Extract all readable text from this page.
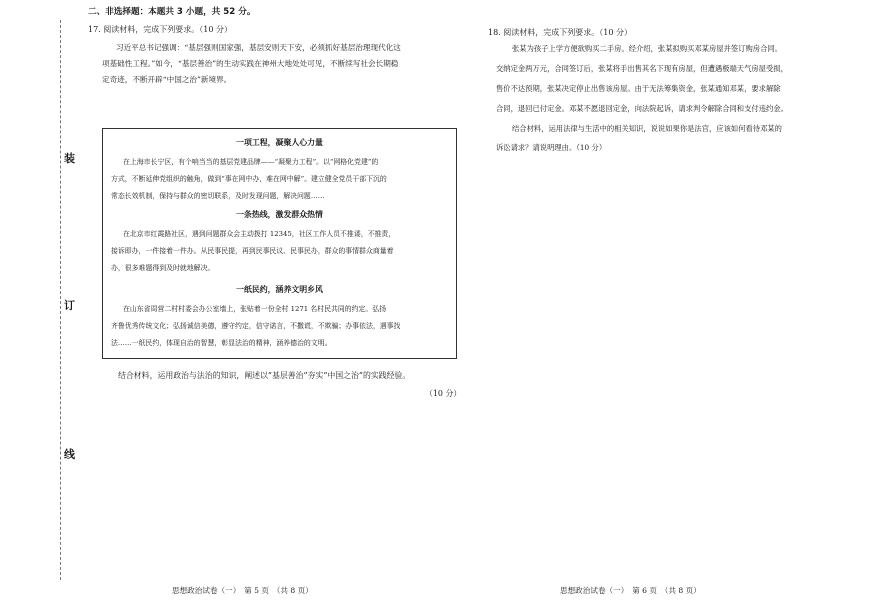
装
订
线
二、非选择题：本题共 3 小题，共 52 分。
17. 阅读材料，完成下列要求。（10 分）
习近平总书记强调：“基层强则国家强，基层安则天下安，必须抓好基层治理现代化这
项基础性工程。”如今，“基层善治”的生动实践在神州大地处处可见，不断续写社会长期稳
定奇迹，不断开辟“中国之治”新境界。
一项工程，凝聚人心力量
在上海市长宁区，有个响当当的基层党建品牌——“凝聚力工程”。以“网格化党建”的
方式，不断延伸党组织的触角，做到“事在网中办，难在网中解”。建立健全党员干部下沉的
常态长效机制，保持与群众的密切联系，及时发现问题，解决问题……
一条热线，激发群众热情
在北京市红霞路社区，遇到问题群众会主动拨打 12345，社区工作人员不推诿，不推责，
接诉即办，一件接着一件办。从民事民提，再到民事民议、民事民办，群众的事情群众商量着
办，很多难题得到及时就地解决。
一纸民约，涵养文明乡风
在山东省周营二村村委会办公室墙上，张贴着一份全村 1271 名村民共同的约定。弘扬
齐鲁优秀传统文化；弘扬诚信美德，遵守约定，信守诺言，不撒谎，不欺骗；办事依法，遇事找
法……一纸民约，体现自治的智慧，彰显法治的精神，涵养德治的文明。
结合材料，运用政治与法治的知识，阐述以“基层善治”夯实“中国之治”的实践经验。
（10 分）
思想政治试卷（一）　第 5 页　（共 8 页）
18. 阅读材料，完成下列要求。（10 分）
张某为孩子上学方便欲购买二手房。经介绍，张某拟购买邓某房屋并签订购房合同。
交纳定金两万元，合同签订后，张某将手出售其名下现有房屋，但遭遇极端天气房屋受损，
售价不达预期，张某决定停止出售该房屋。由于无法筹集资金，张某通知邓某，要求解除
合同，退回已付定金。邓某不愿退回定金，向法院起诉，请求判令解除合同和支付违约金。
结合材料，运用法律与生活中的相关知识，说说如果你是法官，应该如何看待邓某的
诉讼请求？请说明理由。（10 分）
思想政治试卷（一）　第 6 页　（共 8 页）
